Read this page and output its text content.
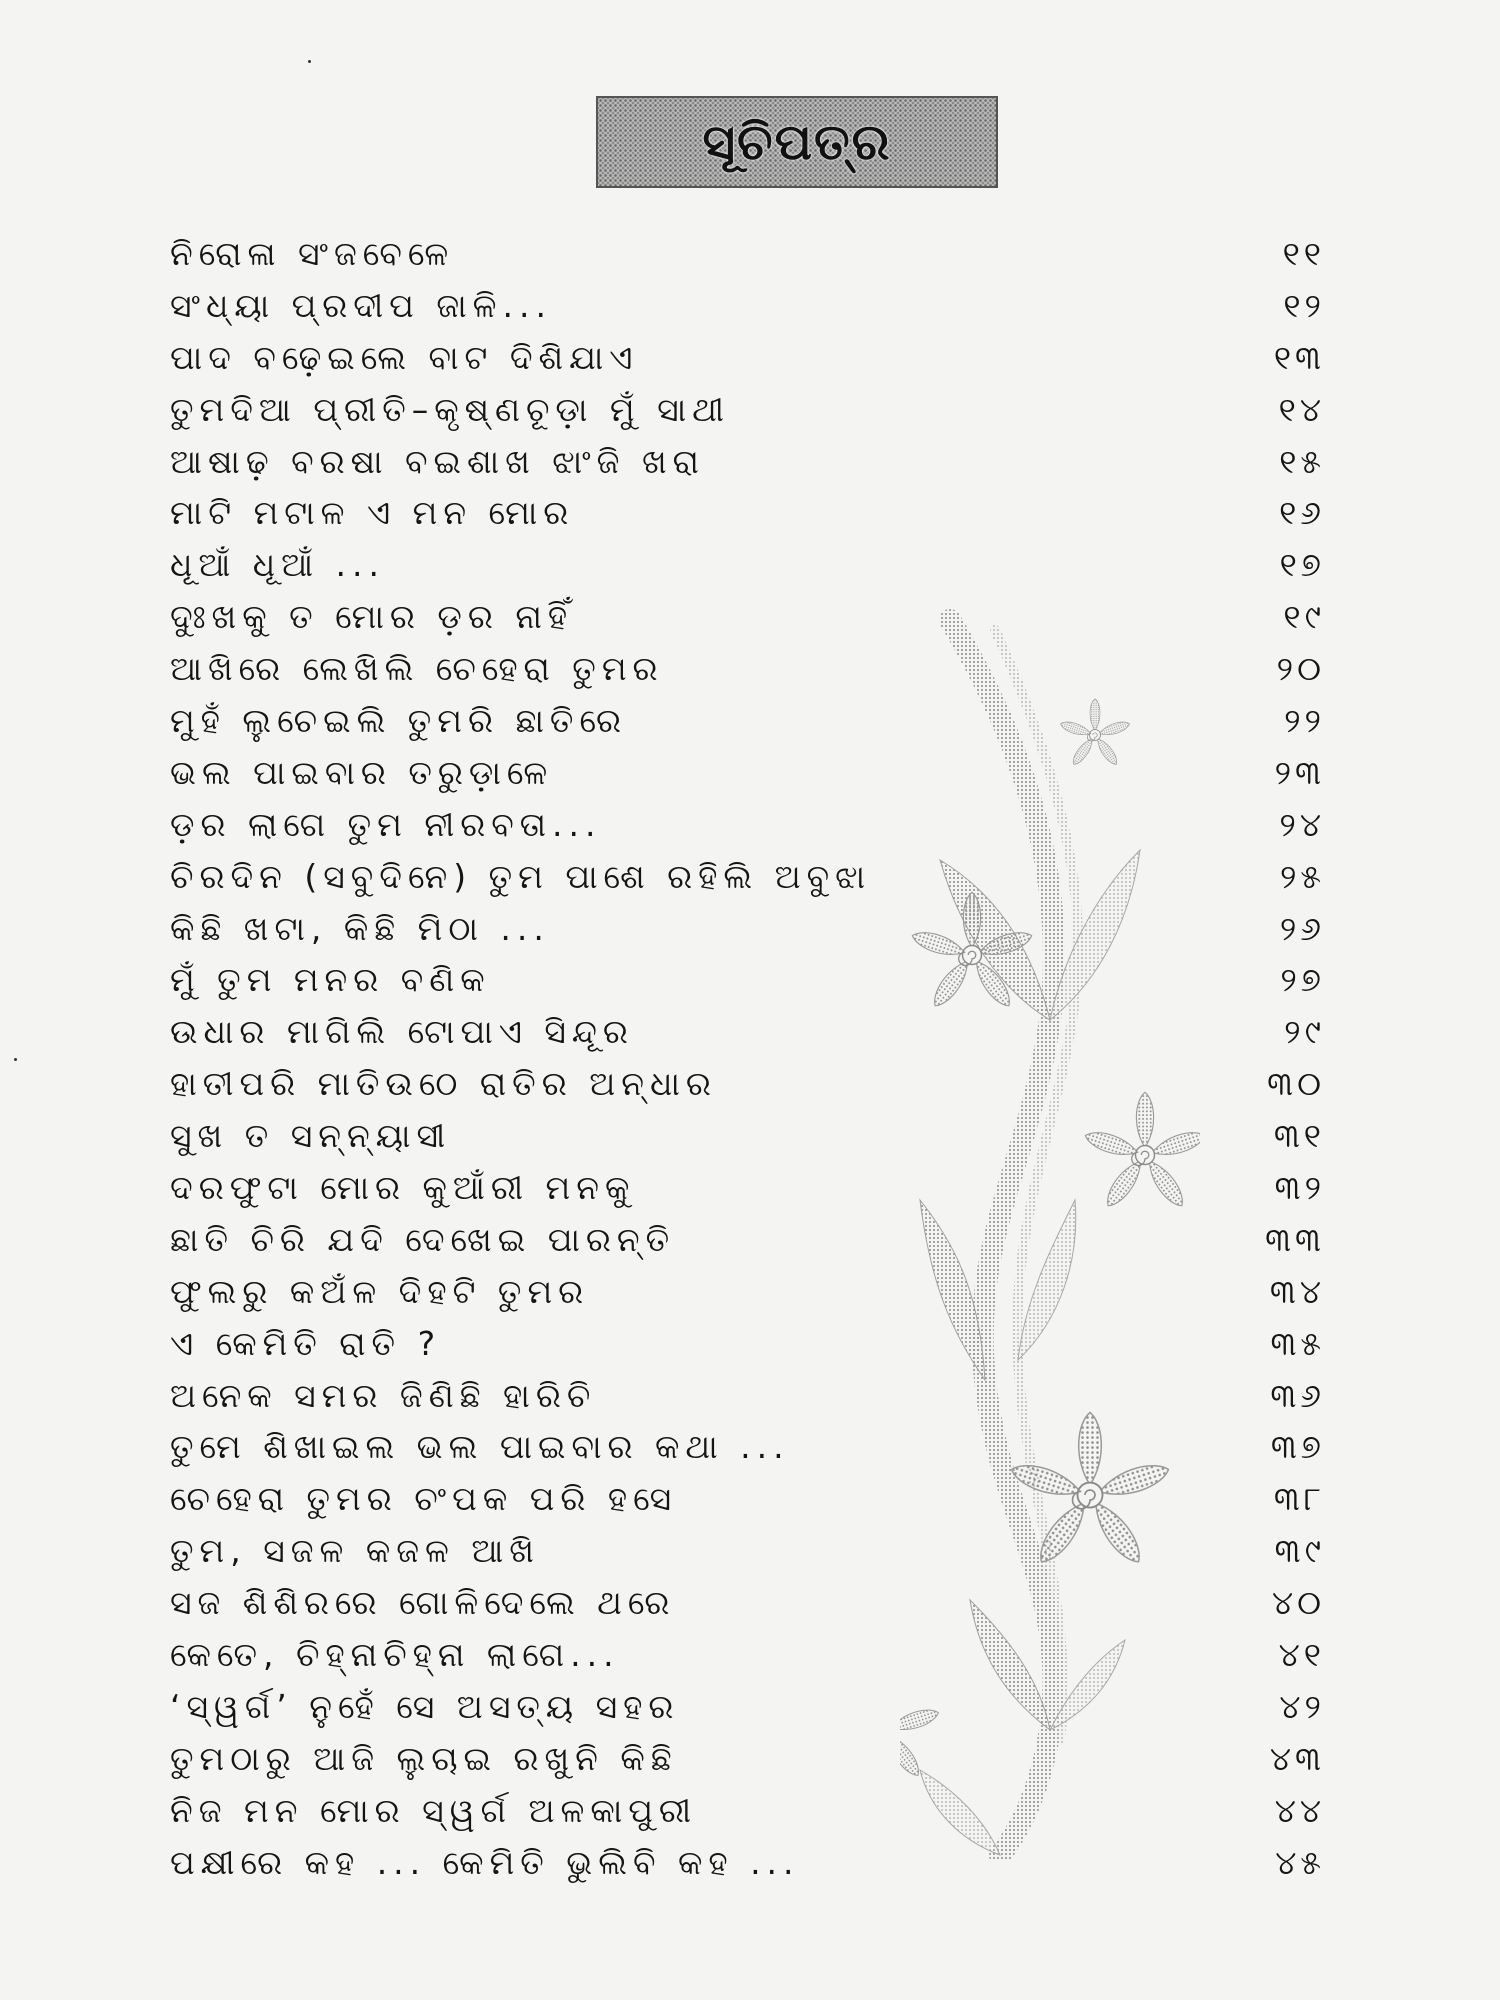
ସୂଚିପତ୍ର
ନିରୋଳା ସଂଜବେଳେ	୧୧
ସଂଧ୍ୟା ପ୍ରଦୀପ ଜାଳି...	୧୨
ପାଦ ବଢ଼େଇଲେ ବାଟ ଦିଶିଯାଏ	୧୩
ତୁମଦିଆ ପ୍ରୀତି–କୃଷ୍ଣଚୂଡ଼ା ମୁଁ ସାଥୀ	୧୪
ଆଷାଢ଼ ବରଷା ବଇଶାଖ ଝାଂଜି ଖରା	୧୫
ମାଟି ମଟାଳ ଏ ମନ ମୋର	୧୬
ଧୂଆଁ ଧୂଆଁ ...	୧୭
ଦୁଃଖକୁ ତ ମୋର ଡ଼ର ନାହିଁ	୧୯
ଆଖିରେ ଲେଖିଲି ଚେହେରା ତୁମର	୨୦
ମୁହଁ ଲୁଚେଇଲି ତୁମରି ଛାତିରେ	୨୨
ଭଲ ପାଇବାର ତରୁଡ଼ାଳେ	୨୩
ଡ଼ର ଲାଗେ ତୁମ ନୀରବତା...	୨୪
ଚିରଦିନ (ସବୁଦିନେ) ତୁମ ପାଶେ ରହିଲି ଅବୁଝା	୨୫
କିଛି ଖଟା, କିଛି ମିଠା ...	୨୬
ମୁଁ ତୁମ ମନର ବଣିକ	୨୭
ଉଧାର ମାଗିଲି ଟୋପାଏ ସିନ୍ଦୂର	୨୯
ହାତୀପରି ମାତିଉଠେ ରାତିର ଅନ୍ଧାର	୩୦
ସୁଖ ତ ସନ୍ନ୍ୟାସୀ	୩୧
ଦରଫୁଟା ମୋର କୁଆଁରୀ ମନକୁ	୩୨
ଛାତି ଚିରି ଯଦି ଦେଖେଇ ପାରନ୍ତି	୩୩
ଫୁଲରୁ କଅଁଳ ଦିହଟି ତୁମର	୩୪
ଏ କେମିତି ରାତି ?	୩୫
ଅନେକ ସମର ଜିଣିଛି ହାରିଚି	୩୬
ତୁମେ ଶିଖାଇଲ ଭଲ ପାଇବାର କଥା ...	୩୭
ଚେହେରା ତୁମର ଚଂପକ ପରି ହସେ	୩୮
ତୁମ, ସଜଳ କଜଳ ଆଖି	୩୯
ସଜ ଶିଶିରରେ ଗୋଳିଦେଲେ ଥରେ	୪୦
କେତେ, ଚିହ୍ନାଚିହ୍ନା ଲାଗେ...	୪୧
‘ସ୍ୱର୍ଗ’ ନୁହେଁ ସେ ଅସତ୍ୟ ସହର	୪୨
ତୁମଠାରୁ ଆଜି ଲୁଚାଇ ରଖୁନି କିଛି	୪୩
ନିଜ ମନ ମୋର ସ୍ୱର୍ଗ ଅଳକାପୁରୀ	୪୪
ପକ୍ଷୀରେ କହ ... କେମିତି ଭୁଲିବି କହ ...	୪୫
